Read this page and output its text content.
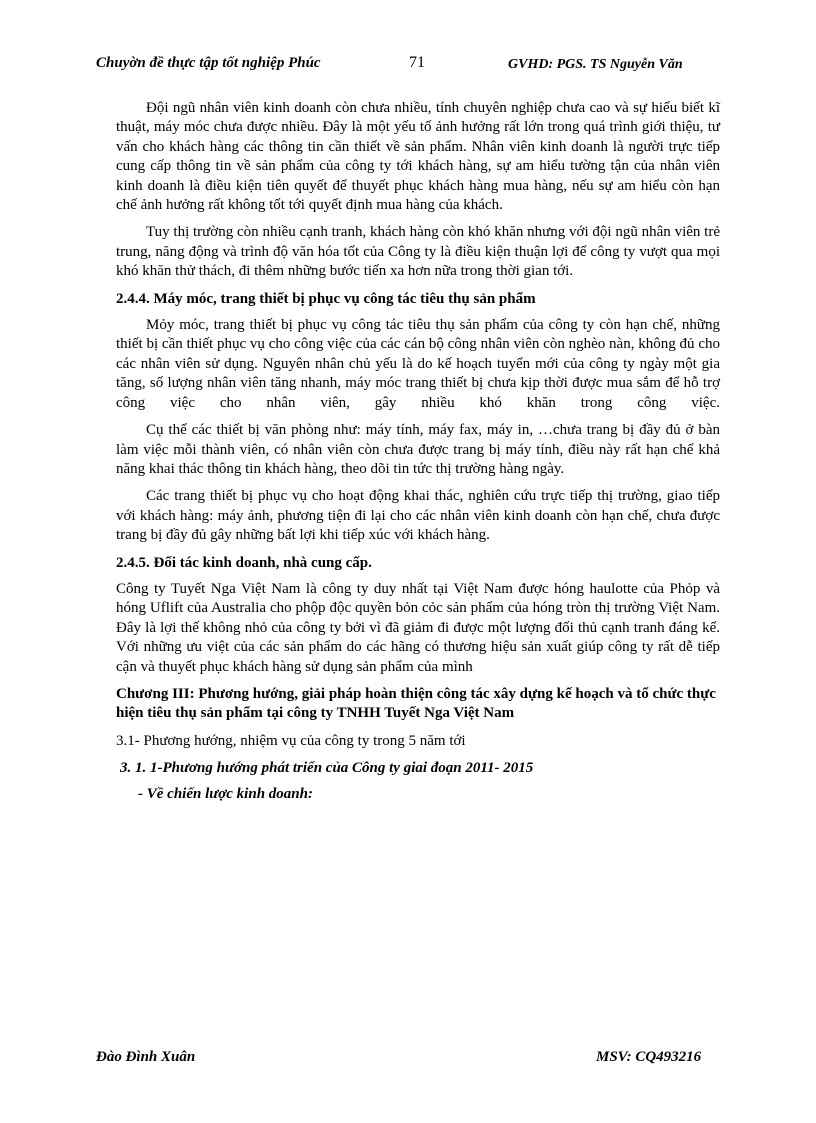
Chuyờn đề thực tập tốt nghiệp Phúc	71	GVHD: PGS. TS Nguyễn Văn

Đội ngũ nhân viên kinh doanh còn chưa nhiều, tính chuyên nghiệp chưa cao và sự hiểu biết kĩ thuật, máy móc chưa được nhiều. Đây là một yếu tố ảnh hưởng rất lớn trong quá trình giới thiệu, tư vấn cho khách hàng các thông tin cần thiết về sản phẩm. Nhân viên kinh doanh là người trực tiếp cung cấp thông tin về sản phẩm của công ty tới khách hàng, sự am hiểu tường tận của nhân viên kinh doanh là điều kiện tiên quyết để thuyết phục khách hàng mua hàng, nếu sự am hiểu còn hạn chế ảnh hưởng rất không tốt tới quyết định mua hàng của khách.

Tuy thị trường còn nhiều cạnh tranh, khách hàng còn khó khăn nhưng với đội ngũ nhân viên trẻ trung, năng động và trình độ văn hóa tốt của Công ty là điều kiện thuận lợi để công ty vượt qua mọi khó khăn thử thách, đi thêm những bước tiến xa hơn nữa trong thời gian tới.

2.4.4. Máy móc, trang thiết bị phục vụ công tác tiêu thụ sản phẩm

Mỏy móc, trang thiết bị phục vụ công tác tiêu thụ sản phẩm của công ty còn hạn chế, những thiết bị cần thiết phục vụ cho công việc của các cán bộ công nhân viên còn nghèo nàn, không đủ cho các nhân viên sử dụng. Nguyên nhân chủ yếu là do kế hoạch tuyển mới của công ty ngày một gia tăng, số lượng nhân viên tăng nhanh, máy móc trang thiết bị chưa kịp thời được mua sắm để hỗ trợ công việc cho nhân viên, gây nhiều khó khăn trong công việc.

Cụ thể các thiết bị văn phòng như: máy tính, máy fax, máy in, …chưa trang bị đầy đủ ở bàn làm việc mỗi thành viên, có nhân viên còn chưa được trang bị máy tính, điều này rất hạn chế khả năng khai thác thông tin khách hàng, theo dõi tin tức thị trường hàng ngày.

Các trang thiết bị phục vụ cho hoạt động khai thác, nghiên cứu trực tiếp thị trường, giao tiếp với khách hàng: máy ảnh, phương tiện đi lại cho các nhân viên kinh doanh còn hạn chế, chưa được trang bị đầy đủ gây những bất lợi khi tiếp xúc với khách hàng.

2.4.5. Đối tác kinh doanh, nhà cung cấp.

Công ty Tuyết Nga Việt Nam là công ty duy nhất tại Việt Nam được hóng haulotte của Phỏp và hóng Uflift của Australia cho phộp độc quyền bỏn cỏc sản phẩm của hóng tròn thị trường Việt Nam. Đây là lợi thế không nhỏ của công ty bởi vì đã giảm đi được một lượng đối thủ cạnh tranh đáng kể. Với những ưu việt của các sản phẩm do các hãng có thương hiệu sản xuất giúp công ty rất dễ tiếp cận và thuyết phục khách hàng sử dụng sản phẩm của mình

Chương III: Phương hướng, giải pháp hoàn thiện công tác xây dựng kế hoạch và tổ chức thực hiện tiêu thụ sản phẩm tại công ty TNHH Tuyết Nga Việt Nam

3.1- Phương hướng, nhiệm vụ của công ty trong 5 năm tới

3. 1. 1-Phương hướng phát triển của Công ty giai đoạn 2011- 2015

- Về chiến lược kinh doanh:

Đào Đình Xuân	MSV: CQ493216
